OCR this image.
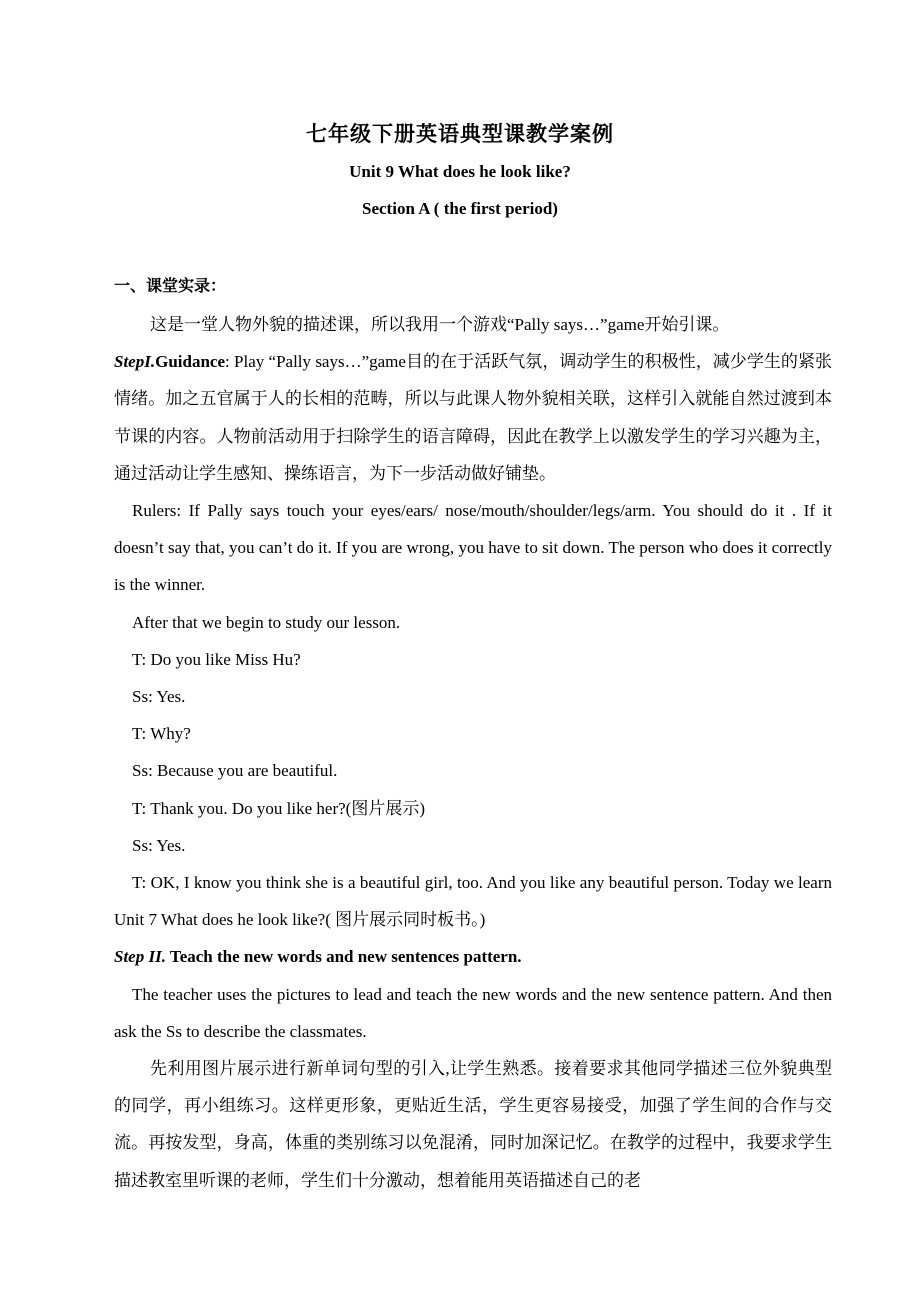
七年级下册英语典型课教学案例
Unit 9 What does he look like?
Section A ( the first period)
一、课堂实录：

这是一堂人物外貌的描述课，所以我用一个游戏“Pally says…”game开始引课。

StepI.Guidance: Play “Pally says…”game目的在于活跃气氛，调动学生的积极性，减少学生的紧张情绪。加之五官属于人的长相的范畴，所以与此课人物外貌相关联，这样引入就能自然过渡到本节课的内容。人物前活动用于扫除学生的语言障碍，因此在教学上以激发学生的学习兴趣为主，通过活动让学生感知、操练语言，为下一步活动做好铺垫。

Rulers: If Pally says touch your eyes/ears/ nose/mouth/shoulder/legs/arm. You should do it . If it doesn’t say that, you can’t do it. If you are wrong, you have to sit down. The person who does it correctly is the winner.

After that we begin to study our lesson.

T: Do you like Miss Hu?

Ss: Yes.

T: Why?

Ss: Because you are beautiful.

T: Thank you. Do you like her?(图片展示)

Ss: Yes.

T: OK, I know you think she is a beautiful girl, too. And you like any beautiful person. Today we learn Unit 7 What does he look like?( 图片展示同时板书。)

Step II. Teach the new words and new sentences pattern.

The teacher uses the pictures to lead and teach the new words and the new sentence pattern. And then ask the Ss to describe the classmates.

先利用图片展示进行新单词句型的引入,让学生熟悉。接着要求其他同学描述三位外貌典型的同学，再小组练习。这样更形象，更贴近生活，学生更容易接受，加强了学生间的合作与交流。再按发型，身高，体重的类别练习以免混淆，同时加深记忆。在教学的过程中，我要求学生描述教室里听课的老师，学生们十分激动，想着能用英语描述自己的老
